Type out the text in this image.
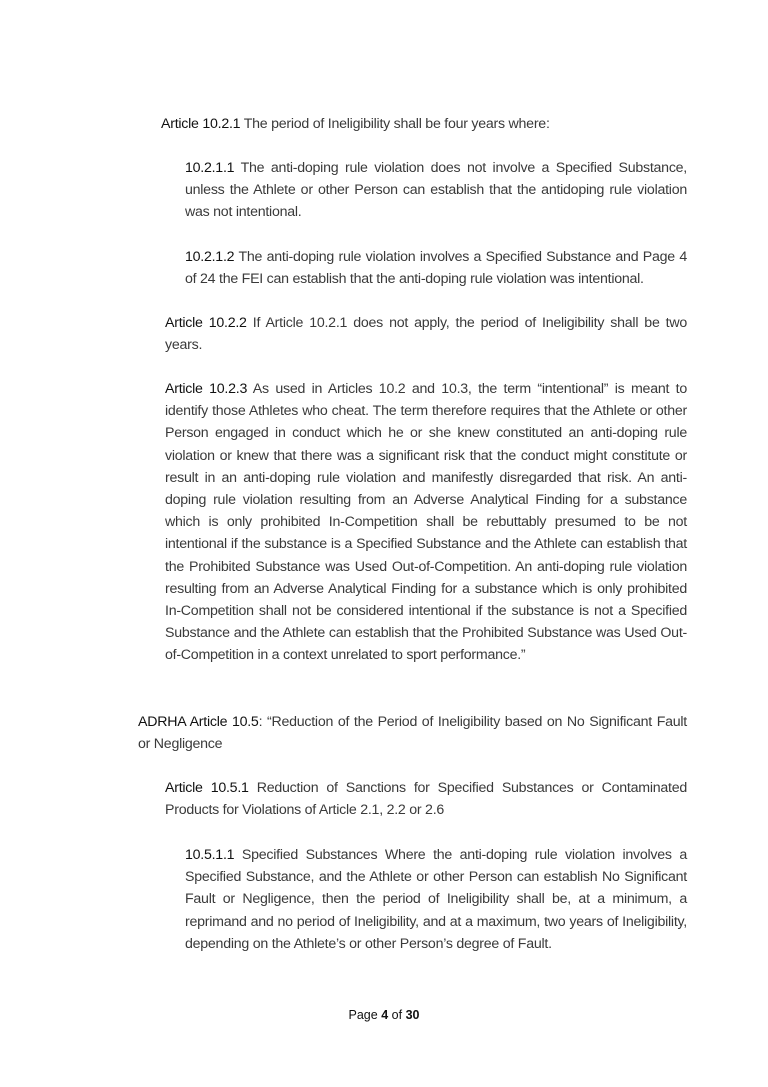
Article 10.2.1 The period of Ineligibility shall be four years where:

10.2.1.1 The anti-doping rule violation does not involve a Specified Substance, unless the Athlete or other Person can establish that the antidoping rule violation was not intentional.

10.2.1.2 The anti-doping rule violation involves a Specified Substance and Page 4 of 24 the FEI can establish that the anti-doping rule violation was intentional.

Article 10.2.2 If Article 10.2.1 does not apply, the period of Ineligibility shall be two years.

Article 10.2.3 As used in Articles 10.2 and 10.3, the term “intentional” is meant to identify those Athletes who cheat. The term therefore requires that the Athlete or other Person engaged in conduct which he or she knew constituted an anti-doping rule violation or knew that there was a significant risk that the conduct might constitute or result in an anti-doping rule violation and manifestly disregarded that risk. An anti-doping rule violation resulting from an Adverse Analytical Finding for a substance which is only prohibited In-Competition shall be rebuttably presumed to be not intentional if the substance is a Specified Substance and the Athlete can establish that the Prohibited Substance was Used Out-of-Competition. An anti-doping rule violation resulting from an Adverse Analytical Finding for a substance which is only prohibited In-Competition shall not be considered intentional if the substance is not a Specified Substance and the Athlete can establish that the Prohibited Substance was Used Out-of-Competition in a context unrelated to sport performance.”

ADRHA Article 10.5: “Reduction of the Period of Ineligibility based on No Significant Fault or Negligence

Article 10.5.1 Reduction of Sanctions for Specified Substances or Contaminated Products for Violations of Article 2.1, 2.2 or 2.6

10.5.1.1 Specified Substances Where the anti-doping rule violation involves a Specified Substance, and the Athlete or other Person can establish No Significant Fault or Negligence, then the period of Ineligibility shall be, at a minimum, a reprimand and no period of Ineligibility, and at a maximum, two years of Ineligibility, depending on the Athlete’s or other Person’s degree of Fault.

Page 4 of 30
